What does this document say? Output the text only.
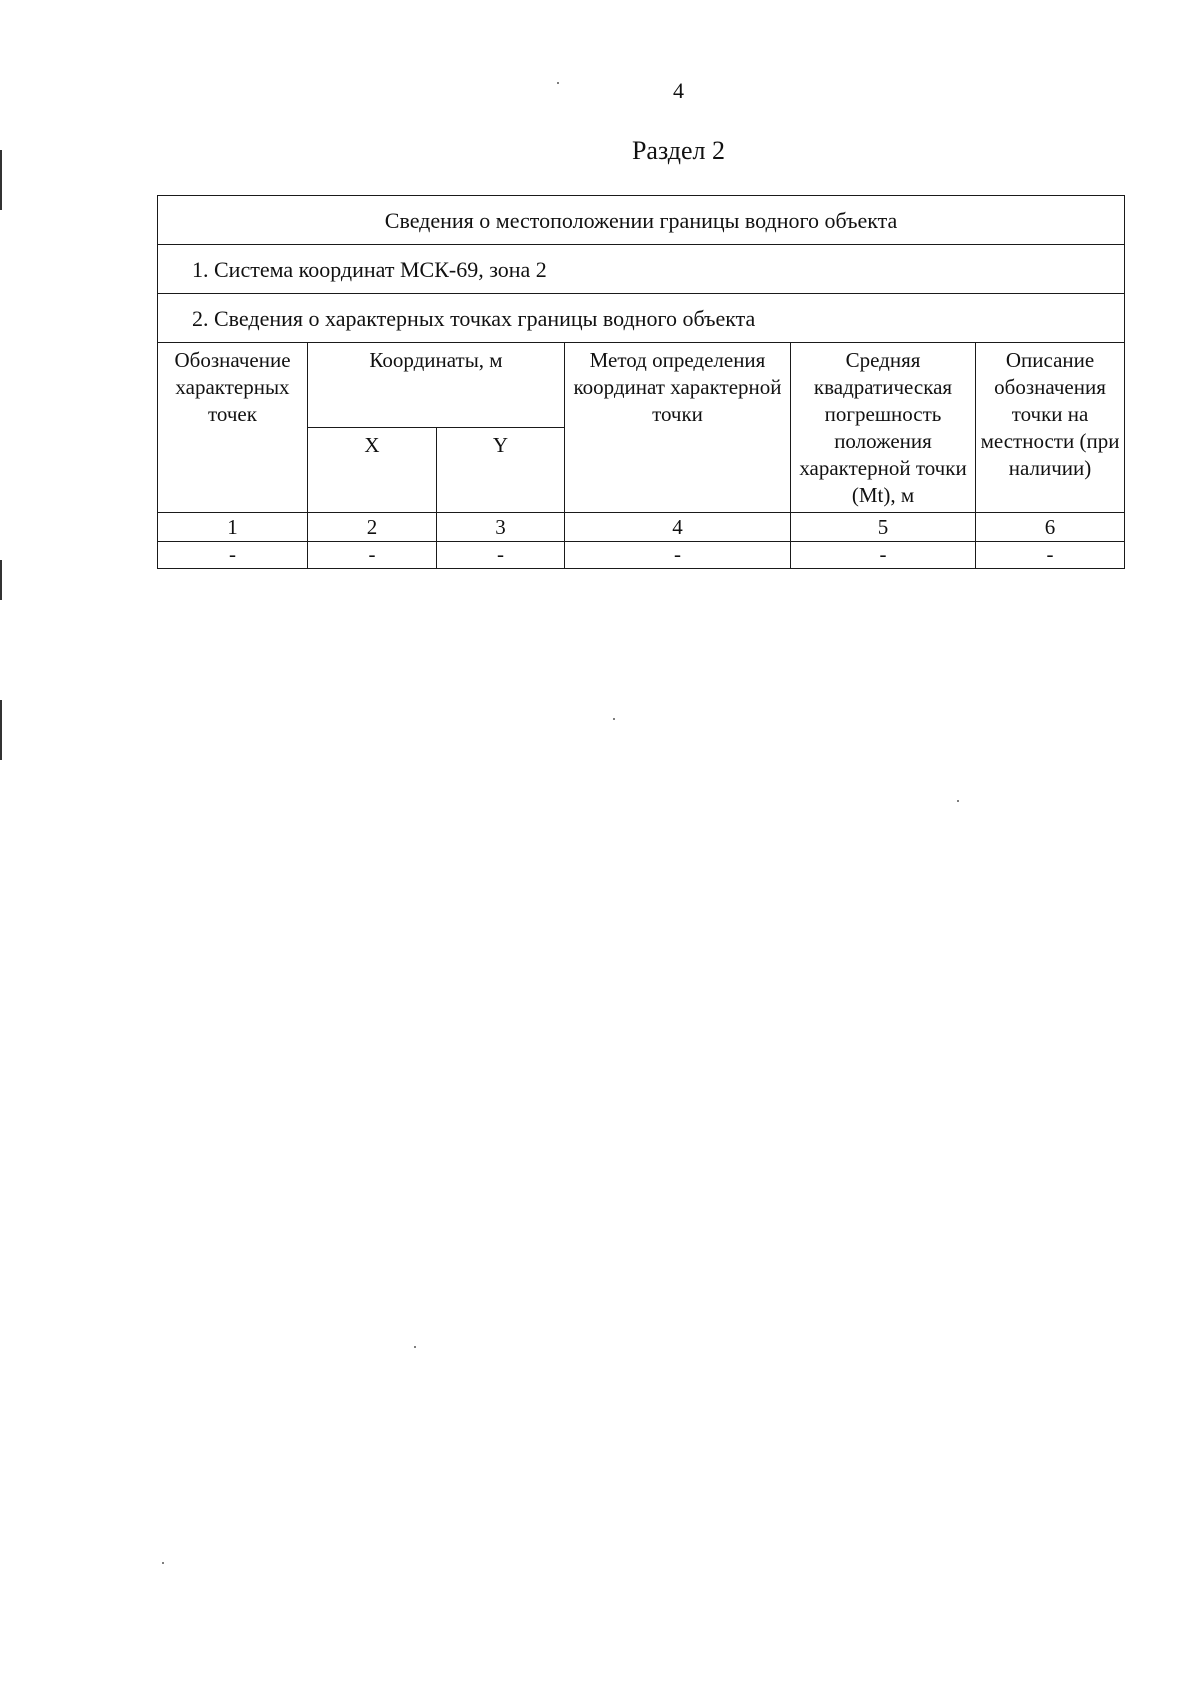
4
Раздел 2
Сведения о местоположении границы водного объекта					
1. Система координат МСК-69, зона 2					
2. Сведения о характерных точках границы водного объекта					
Обозначение характерных точек	Координаты, м		Метод определения координат характерной точки	Средняя квадратическая погрешность положения характерной точки (Mt), м	Описание обозначения точки на местности (при наличии)
	X	Y			
1	2	3	4	5	6
-	-	-	-	-	-
